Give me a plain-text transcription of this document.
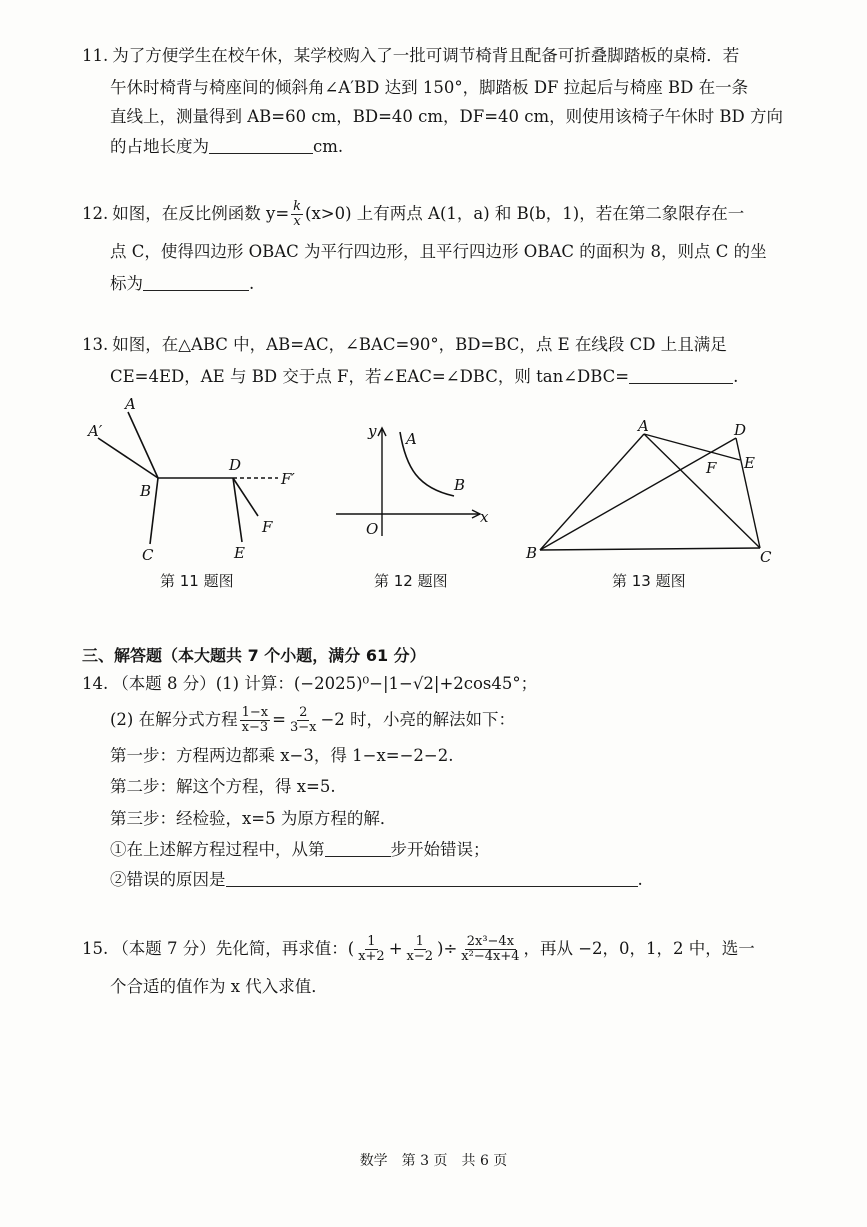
11. 为了方便学生在校午休，某学校购入了一批可调节椅背且配备可折叠脚踏板的桌椅．若
午休时椅背与椅座间的倾斜角∠A′BD 达到 150°，脚踏板 DF 拉起后与椅座 BD 在一条
直线上，测量得到 AB=60 cm，BD=40 cm，DF=40 cm，则使用该椅子午休时 BD 方向
的占地长度为	cm.
12. 如图，在反比例函数 $y= \frac{k}{x} (x>0)$ 上有两点 A(1，a) 和 B(b，1)，若在第二象限存在一
点 C，使得四边形 OBAC 为平行四边形，且平行四边形 OBAC 的面积为 8，则点 C 的坐
标为	.
13. 如图，在△ABC 中，AB=AC，∠BAC=90°，BD=BC，点 E 在线段 CD 上且满足
CE=4ED，AE 与 BD 交于点 F，若∠EAC=∠DBC，则 tan∠DBC=	.
A
A′
B
C
D
E
F
F′
y
x
O
A
B
A
B	C
D
E
F
第 11 题图	第 12 题图	第 13 题图
三、解答题（本大题共 7 个小题，满分 61 分）
14. （本题 8 分）(1) 计算：(−2025)⁰−|1−√2|+2cos45°；
(2) 在解分式方程 $\frac{1-x}{x-3} = \frac{2}{3-x} -2$ 时，小亮的解法如下：
第一步：方程两边都乘 x−3，得 1−x=−2−2.
第二步：解这个方程，得 x=5.
第三步：经检验，x=5 为原方程的解．
①在上述解方程过程中，从第	步开始错误；
②错误的原因是	.
15. （本题 7 分）先化简，再求值：( $\frac{1}{x+2} + \frac{1}{x-2}$ )÷ $\frac{\text{2x³−4x}}{\text{x²−4x+4}}$ ，再从 −2，0，1，2 中，选一
个合适的值作为 x 代入求值．
数学　第 3 页　共 6 页
